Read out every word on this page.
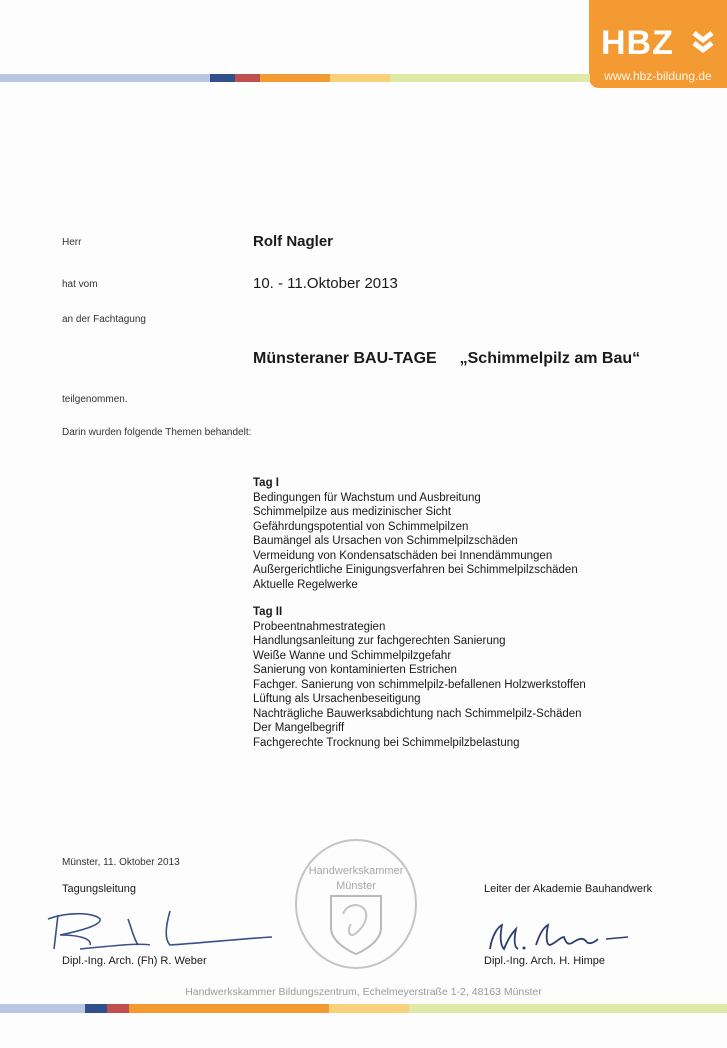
HBZ
www.hbz-bildung.de
Herr	Rolf Nagler
hat vom	10. - 11.Oktober 2013
an der Fachtagung
Münsteraner BAU-TAGE „Schimmelpilz am Bau“
teilgenommen.
Darin wurden folgende Themen behandelt:
Tag I
Bedingungen für Wachstum und Ausbreitung
Schimmelpilze aus medizinischer Sicht
Gefährdungspotential von Schimmelpilzen
Baumängel als Ursachen von Schimmelpilzschäden
Vermeidung von Kondensatschäden bei Innendämmungen
Außergerichtliche Einigungsverfahren bei Schimmelpilzschäden
Aktuelle Regelwerke
Tag II
Probeentnahmestrategien
Handlungsanleitung zur fachgerechten Sanierung
Weiße Wanne und Schimmelpilzgefahr
Sanierung von kontaminierten Estrichen
Fachger. Sanierung von schimmelpilz-befallenen Holzwerkstoffen
Lüftung als Ursachenbeseitigung
Nachträgliche Bauwerksabdichtung nach Schimmelpilz-Schäden
Der Mangelbegriff
Fachgerechte Trocknung bei Schimmelpilzbelastung
Münster, 11. Oktober 2013
Tagungsleitung	Leiter der Akademie Bauhandwerk
Dipl.-Ing. Arch. (Fh) R. Weber
Handwerkskammer
Münster
Dipl.-Ing. Arch. H. Himpe
Handwerkskammer Bildungszentrum, Echelmeyerstraße 1-2, 48163 Münster
